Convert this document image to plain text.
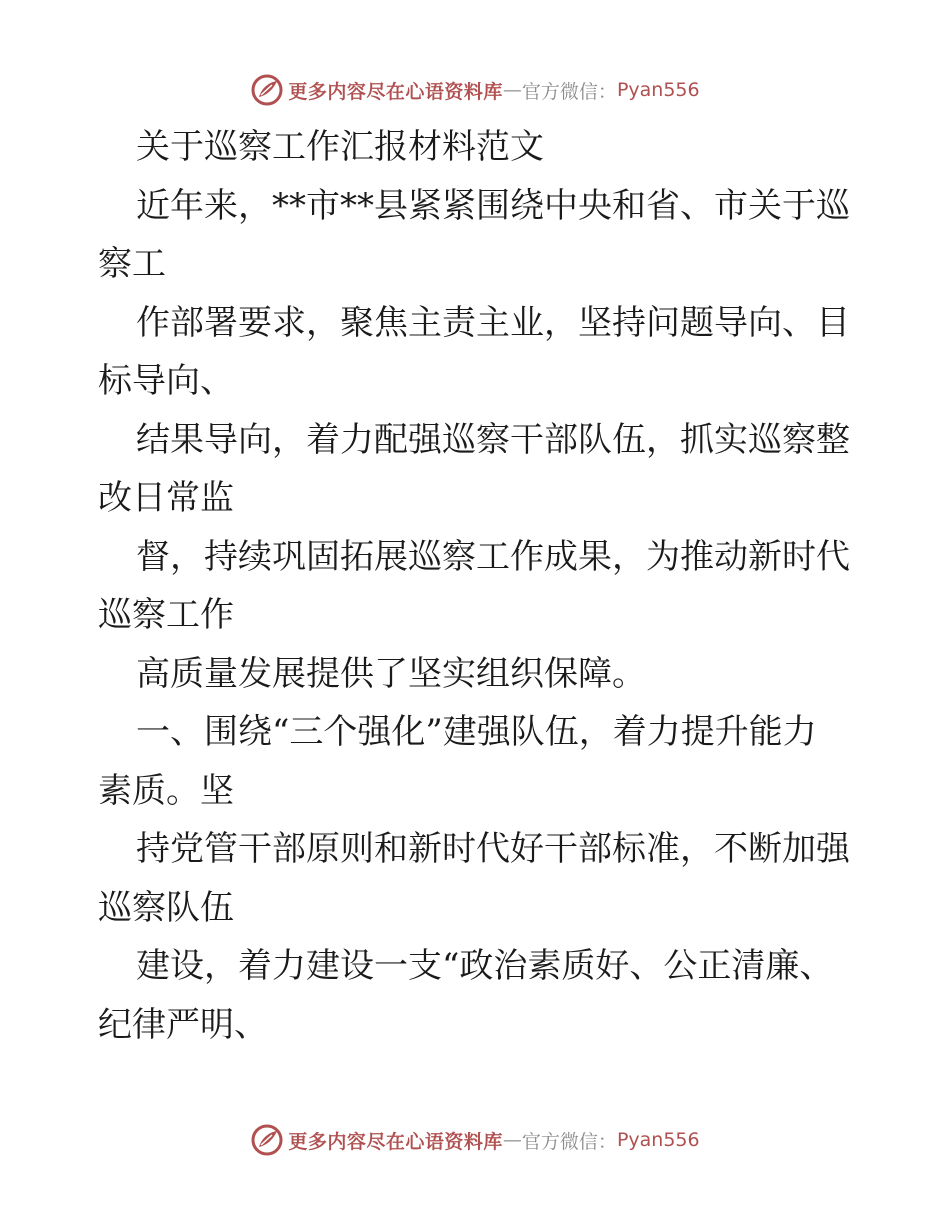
更多内容尽在心语资料库 — 官方微信： Pyan556

关于巡察工作汇报材料范文

近年来，**市**县紧紧围绕中央和省、市关于巡

察工

作部署要求，聚焦主责主业，坚持问题导向、目

标导向、

结果导向，着力配强巡察干部队伍，抓实巡察整

改日常监

督，持续巩固拓展巡察工作成果，为推动新时代

巡察工作

高质量发展提供了坚实组织保障。

一、围绕“三个强化”建强队伍，着力提升能力

素质。坚

持党管干部原则和新时代好干部标准，不断加强

巡察队伍

建设，着力建设一支“政治素质好、公正清廉、

纪律严明、

更多内容尽在心语资料库 — 官方微信： Pyan556
